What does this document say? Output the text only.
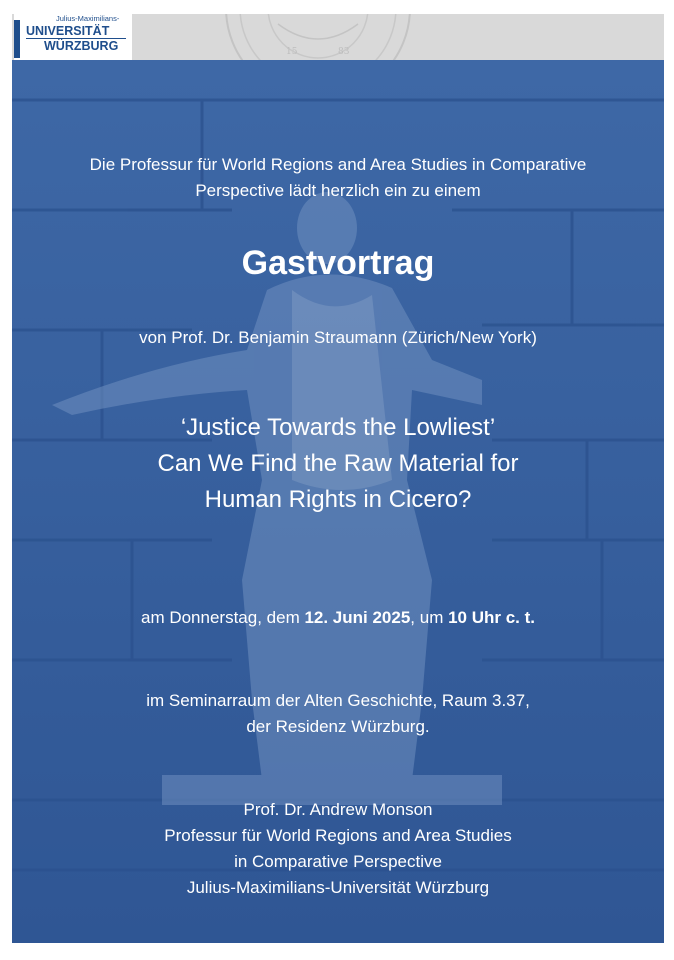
15	83
Julius-Maximilians-
UNIVERSITÄT
WÜRZBURG
Die Professur für World Regions and Area Studies in Comparative
Perspective lädt herzlich ein zu einem
Gastvortrag
von Prof. Dr. Benjamin Straumann (Zürich/New York)
‘Justice Towards the Lowliest’
Can We Find the Raw Material for
Human Rights in Cicero?
am Donnerstag, dem 12. Juni 2025, um 10 Uhr c. t.
im Seminarraum der Alten Geschichte, Raum 3.37,
der Residenz Würzburg.
Prof. Dr. Andrew Monson
Professur für World Regions and Area Studies
in Comparative Perspective
Julius-Maximilians-Universität Würzburg
